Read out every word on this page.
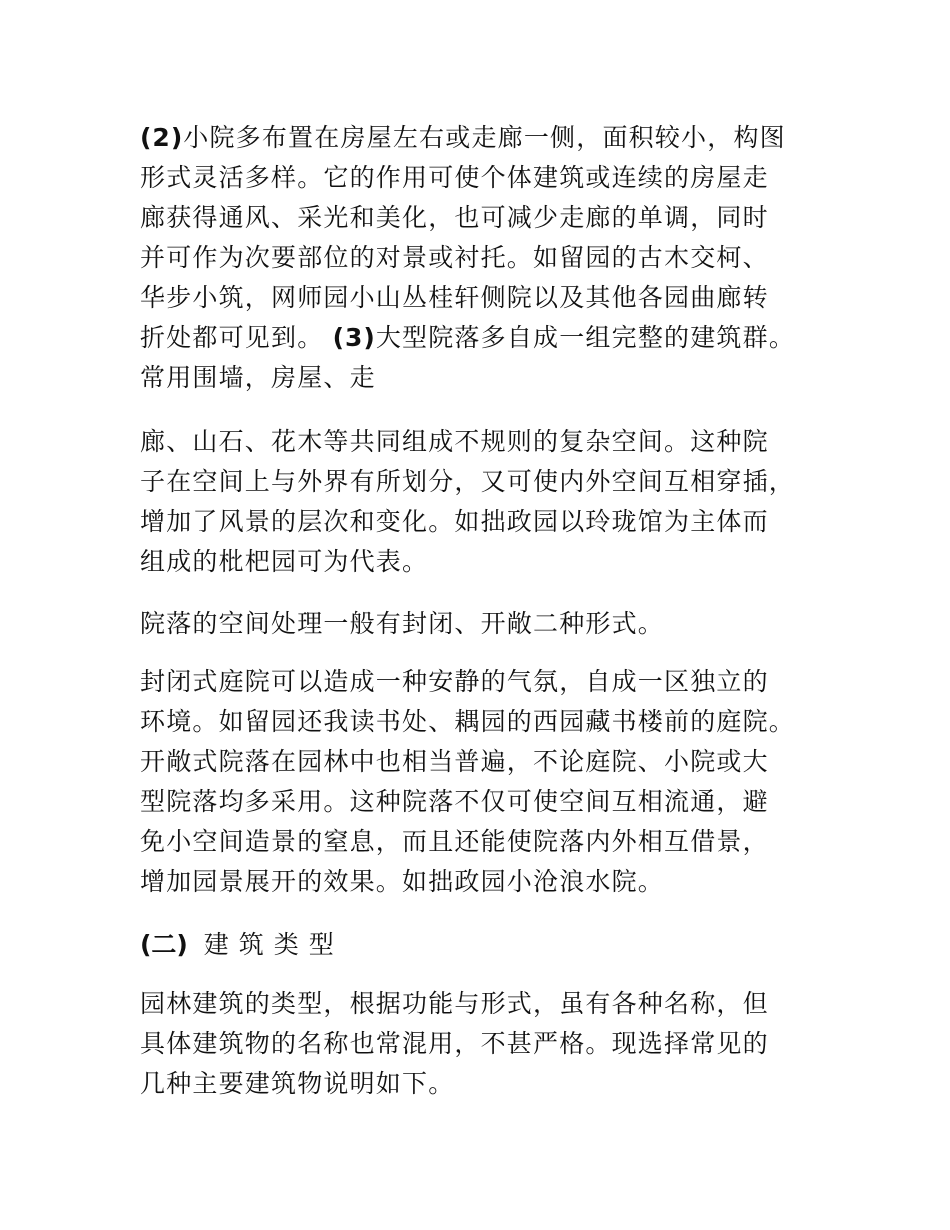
(2)小院多布置在房屋左右或走廊一侧，面积较小，构图
形式灵活多样。它的作用可使个体建筑或连续的房屋走
廊获得通风、采光和美化，也可减少走廊的单调，同时
并可作为次要部位的对景或衬托。如留园的古木交柯、
华步小筑，网师园小山丛桂轩侧院以及其他各园曲廊转
折处都可见到。 (3)大型院落多自成一组完整的建筑群。
常用围墙，房屋、走
廊、山石、花木等共同组成不规则的复杂空间。这种院
子在空间上与外界有所划分，又可使内外空间互相穿插，
增加了风景的层次和变化。如拙政园以玲珑馆为主体而
组成的枇杷园可为代表。
院落的空间处理一般有封闭、开敞二种形式。
封闭式庭院可以造成一种安静的气氛，自成一区独立的
环境。如留园还我读书处、耦园的西园藏书楼前的庭院。
开敞式院落在园林中也相当普遍，不论庭院、小院或大
型院落均多采用。这种院落不仅可使空间互相流通，避
免小空间造景的窒息，而且还能使院落内外相互借景，
增加园景展开的效果。如拙政园小沧浪水院。
(二) 建筑类型
园林建筑的类型，根据功能与形式，虽有各种名称，但
具体建筑物的名称也常混用，不甚严格。现选择常见的
几种主要建筑物说明如下。
